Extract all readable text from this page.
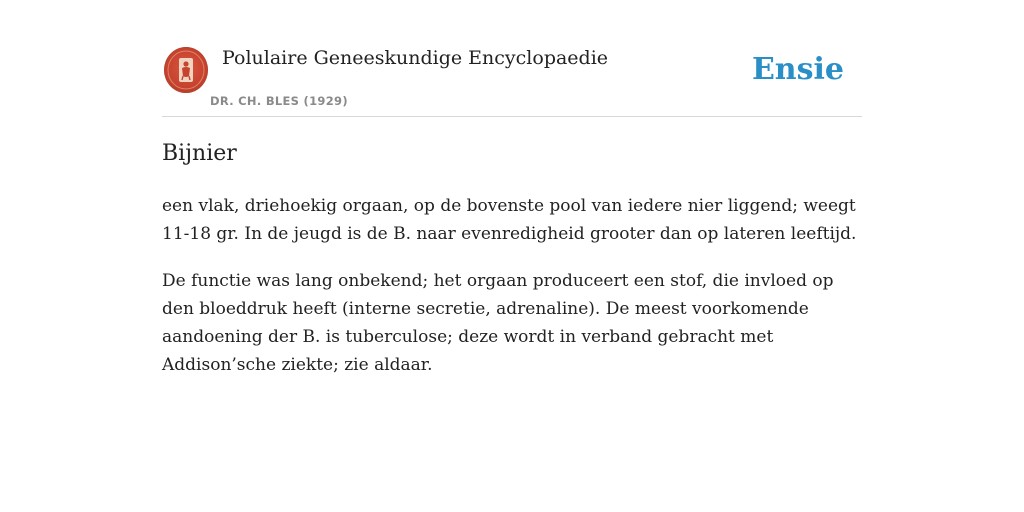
Polulaire Geneeskundige Encyclopaedie
DR. CH. BLES (1929)
Ensie
Bijnier

een vlak, driehoekig orgaan, op de bovenste pool van iedere nier liggend; weegt 11-18 gr. In de jeugd is de B. naar evenredigheid grooter dan op lateren leeftijd.

De functie was lang onbekend; het orgaan produceert een stof, die invloed op den bloeddruk heeft (interne secretie, adrenaline). De meest voorkomende aandoening der B. is tuberculose; deze wordt in verband gebracht met Addison’sche ziekte; zie aldaar.
